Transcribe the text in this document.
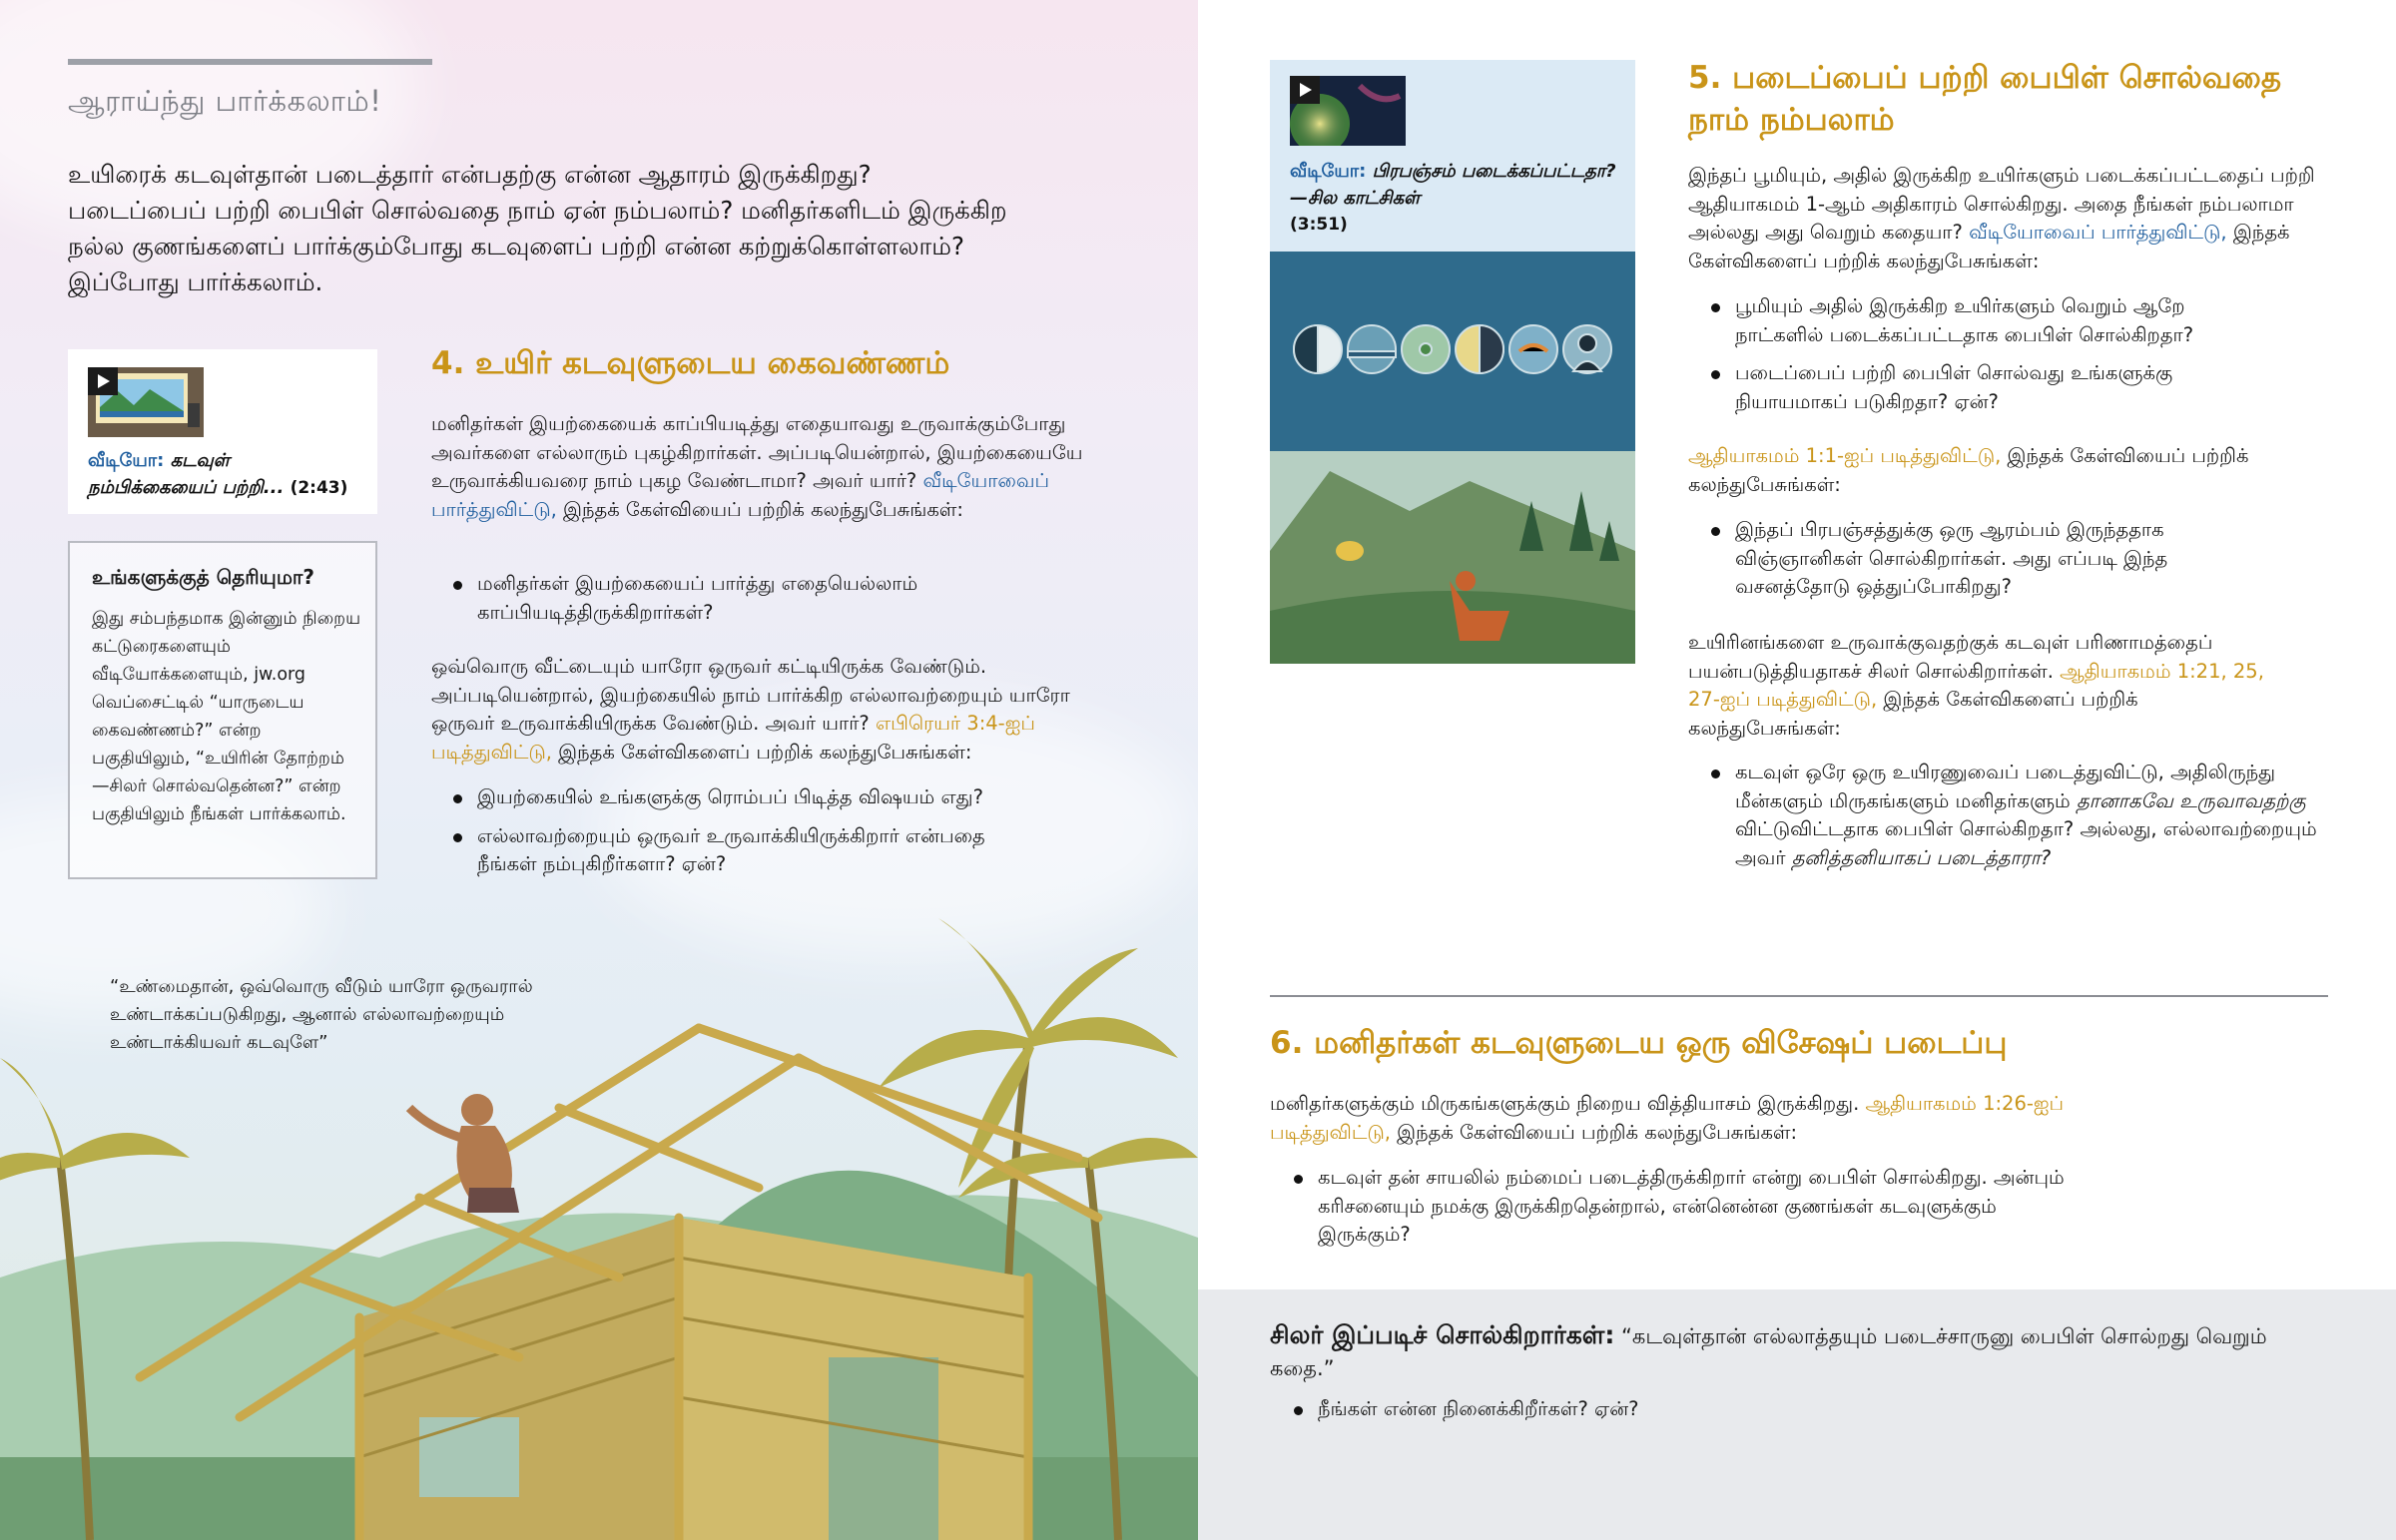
ஆராய்ந்து பார்க்கலாம்!
உயிரைக் கடவுள்தான் படைத்தார் என்பதற்கு என்ன ஆதாரம் இருக்கிறது? படைப்பைப் பற்றி பைபிள் சொல்வதை நாம் ஏன் நம்பலாம்? மனிதர்களிடம் இருக்கிற நல்ல குணங்களைப் பார்க்கும்போது கடவுளைப் பற்றி என்ன கற்றுக்கொள்ளலாம்? இப்போது பார்க்கலாம்.
வீடியோ: கடவுள் நம்பிக்கையைப் பற்றி... (2:43)
உங்களுக்குத் தெரியுமா?

இது சம்பந்தமாக இன்னும் நிறைய கட்டுரைகளையும் வீடியோக்களையும், jw.org வெப்சைட்டில் “யாருடைய கைவண்ணம்?” என்ற பகுதியிலும், “உயிரின் தோற்றம் —சிலர் சொல்வதென்ன?” என்ற பகுதியிலும் நீங்கள் பார்க்கலாம்.

4. உயிர் கடவுளுடைய கைவண்ணம்
மனிதர்கள் இயற்கையைக் காப்பியடித்து எதையாவது உருவாக்கும்போது அவர்களை எல்லாரும் புகழ்கிறார்கள். அப்படியென்றால், இயற்கையையே உருவாக்கியவரை நாம் புகழ வேண்டாமா? அவர் யார்? வீடியோவைப் பார்த்துவிட்டு, இந்தக் கேள்வியைப் பற்றிக் கலந்துபேசுங்கள்:
மனிதர்கள் இயற்கையைப் பார்த்து எதையெல்லாம் காப்பியடித்திருக்கிறார்கள்?
ஒவ்வொரு வீட்டையும் யாரோ ஒருவர் கட்டியிருக்க வேண்டும். அப்படியென்றால், இயற்கையில் நாம் பார்க்கிற எல்லாவற்றையும் யாரோ ஒருவர் உருவாக்கியிருக்க வேண்டும். அவர் யார்? எபிரெயர் 3:4-ஐப் படித்துவிட்டு, இந்தக் கேள்விகளைப் பற்றிக் கலந்துபேசுங்கள்:
இயற்கையில் உங்களுக்கு ரொம்பப் பிடித்த விஷயம் எது?
எல்லாவற்றையும் ஒருவர் உருவாக்கியிருக்கிறார் என்பதை நீங்கள் நம்புகிறீர்களா? ஏன்?
“உண்மைதான், ஒவ்வொரு வீடும் யாரோ ஒருவரால் உண்டாக்கப்படுகிறது, ஆனால் எல்லாவற்றையும் உண்டாக்கியவர் கடவுளே”
வீடியோ: பிரபஞ்சம் படைக்கப்பட்டதா?—சில காட்சிகள்
(3:51)
5. படைப்பைப் பற்றி பைபிள் சொல்வதை நாம் நம்பலாம்
இந்தப் பூமியும், அதில் இருக்கிற உயிர்களும் படைக்கப்பட்டதைப் பற்றி ஆதியாகமம் 1-ஆம் அதிகாரம் சொல்கிறது. அதை நீங்கள் நம்பலாமா அல்லது அது வெறும் கதையா? வீடியோவைப் பார்த்துவிட்டு, இந்தக் கேள்விகளைப் பற்றிக் கலந்துபேசுங்கள்:
பூமியும் அதில் இருக்கிற உயிர்களும் வெறும் ஆறே நாட்களில் படைக்கப்பட்டதாக பைபிள் சொல்கிறதா?
படைப்பைப் பற்றி பைபிள் சொல்வது உங்களுக்கு நியாயமாகப் படுகிறதா? ஏன்?
ஆதியாகமம் 1:1-ஐப் படித்துவிட்டு, இந்தக் கேள்வியைப் பற்றிக் கலந்துபேசுங்கள்:
இந்தப் பிரபஞ்சத்துக்கு ஒரு ஆரம்பம் இருந்ததாக விஞ்ஞானிகள் சொல்கிறார்கள். அது எப்படி இந்த வசனத்தோடு ஒத்துப்போகிறது?
உயிரினங்களை உருவாக்குவதற்குக் கடவுள் பரிணாமத்தைப் பயன்படுத்தியதாகச் சிலர் சொல்கிறார்கள். ஆதியாகமம் 1:21, 25, 27-ஐப் படித்துவிட்டு, இந்தக் கேள்விகளைப் பற்றிக் கலந்துபேசுங்கள்:
கடவுள் ஒரே ஒரு உயிரணுவைப் படைத்துவிட்டு, அதிலிருந்து மீன்களும் மிருகங்களும் மனிதர்களும் தானாகவே உருவாவதற்கு விட்டுவிட்டதாக பைபிள் சொல்கிறதா? அல்லது, எல்லாவற்றையும் அவர் தனித்தனியாகப் படைத்தாரா?
6. மனிதர்கள் கடவுளுடைய ஒரு விசேஷப் படைப்பு
மனிதர்களுக்கும் மிருகங்களுக்கும் நிறைய வித்தியாசம் இருக்கிறது. ஆதியாகமம் 1:26-ஐப் படித்துவிட்டு, இந்தக் கேள்வியைப் பற்றிக் கலந்துபேசுங்கள்:
கடவுள் தன் சாயலில் நம்மைப் படைத்திருக்கிறார் என்று பைபிள் சொல்கிறது. அன்பும் கரிசனையும் நமக்கு இருக்கிறதென்றால், என்னென்ன குணங்கள் கடவுளுக்கும் இருக்கும்?
சிலர் இப்படிச் சொல்கிறார்கள்: “கடவுள்தான் எல்லாத்தயும் படைச்சாருனு பைபிள் சொல்றது வெறும் கதை.”
நீங்கள் என்ன நினைக்கிறீர்கள்? ஏன்?
